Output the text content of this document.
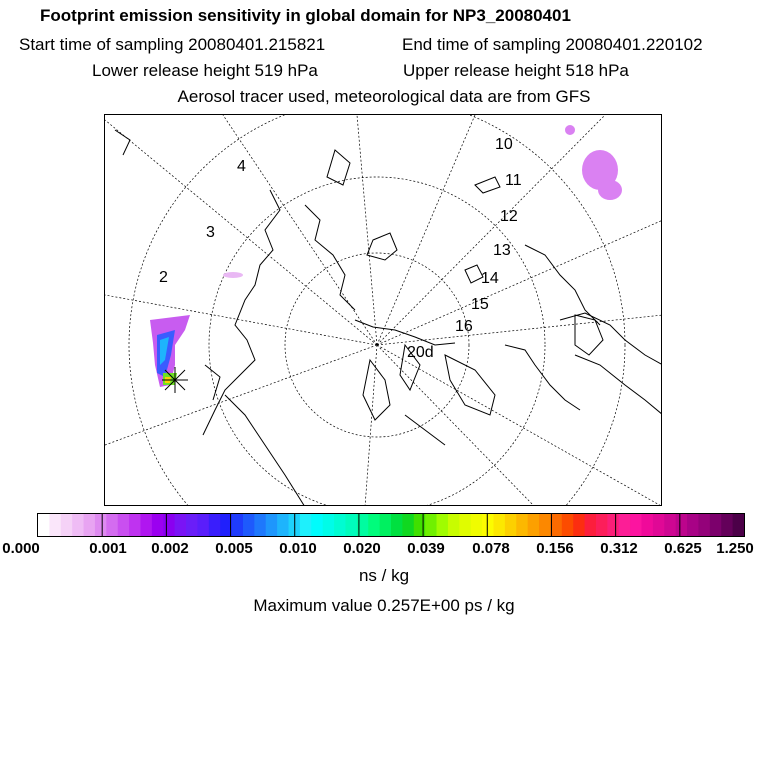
Footprint emission sensitivity in global domain for NP3_20080401
Start time of sampling 20080401.215821	End time of sampling 20080401.220102
Lower release height 519 hPa	Upper release height 518 hPa
Aerosol tracer used, meteorological data are from GFS
2
3
4
10
11
12
13
14
15
16
20d
0.000	0.001 0.002 0.005 0.010 0.020 0.039 0.078 0.156 0.312 0.625 1.250
ns / kg
Maximum value 0.257E+00 ps / kg
